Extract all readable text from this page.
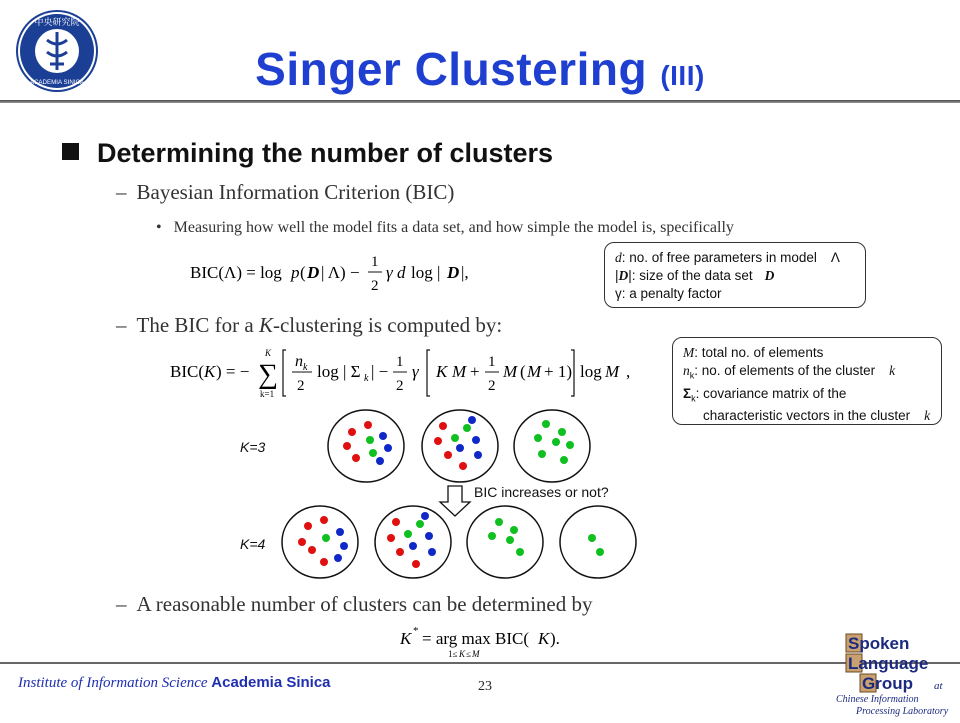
中央研究院
ACADEMIA SINICA	Singer Clustering (III)
Determining the number of clusters
– Bayesian Information Criterion (BIC)
• Measuring how well the model fits a data set, and how simple the model is, specifically
BIC(Λ) = log p ( D | Λ) −
1
2
γ d log | D |,
d: no. of free parameters in model Λ
|D|: size of the data set D
γ: a penalty factor
– The BIC for a K-clustering is computed by:
BIC( K ) = −
K
∑
k=1
n k
2
log | Σ k | − 1
2
γ K M + 1
2
M ( M + 1) log M ,
M: total no. of elements
$n_k$: no. of elements of the cluster k
$\Sigma_k$: covariance matrix of the
characteristic vectors in the cluster k
K=3
K=4
BIC increases or not?
– A reasonable number of clusters can be determined by
K * = arg max BIC( K ).
1≤ K ≤ M
Institute of Information Science Academia Sinica	23
Spoken
Language
Group at
Chinese Information
Processing Laboratory
